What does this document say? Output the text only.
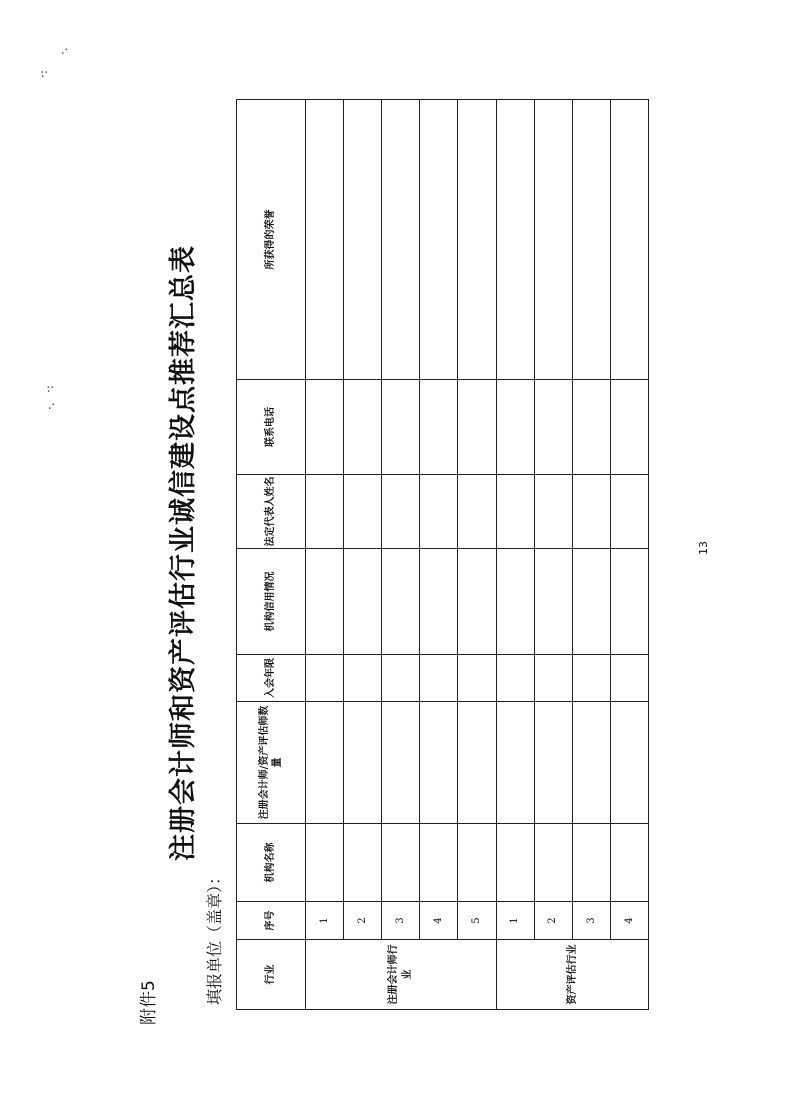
附件5
注册会计师和资产评估行业诚信建设点推荐汇总表
填报单位（盖章）：	行业	序号	机构名称	注册会计师/资产评估师数量	入会年限	机构信用情况	法定代表人姓名	联系电话	所获得的荣誉
注册会计师行业	1							
	2							
	3							
	4							
	5							
资产评估行业	1							
	2							
	3							
	4							
13
·:
·.
·:
·.
